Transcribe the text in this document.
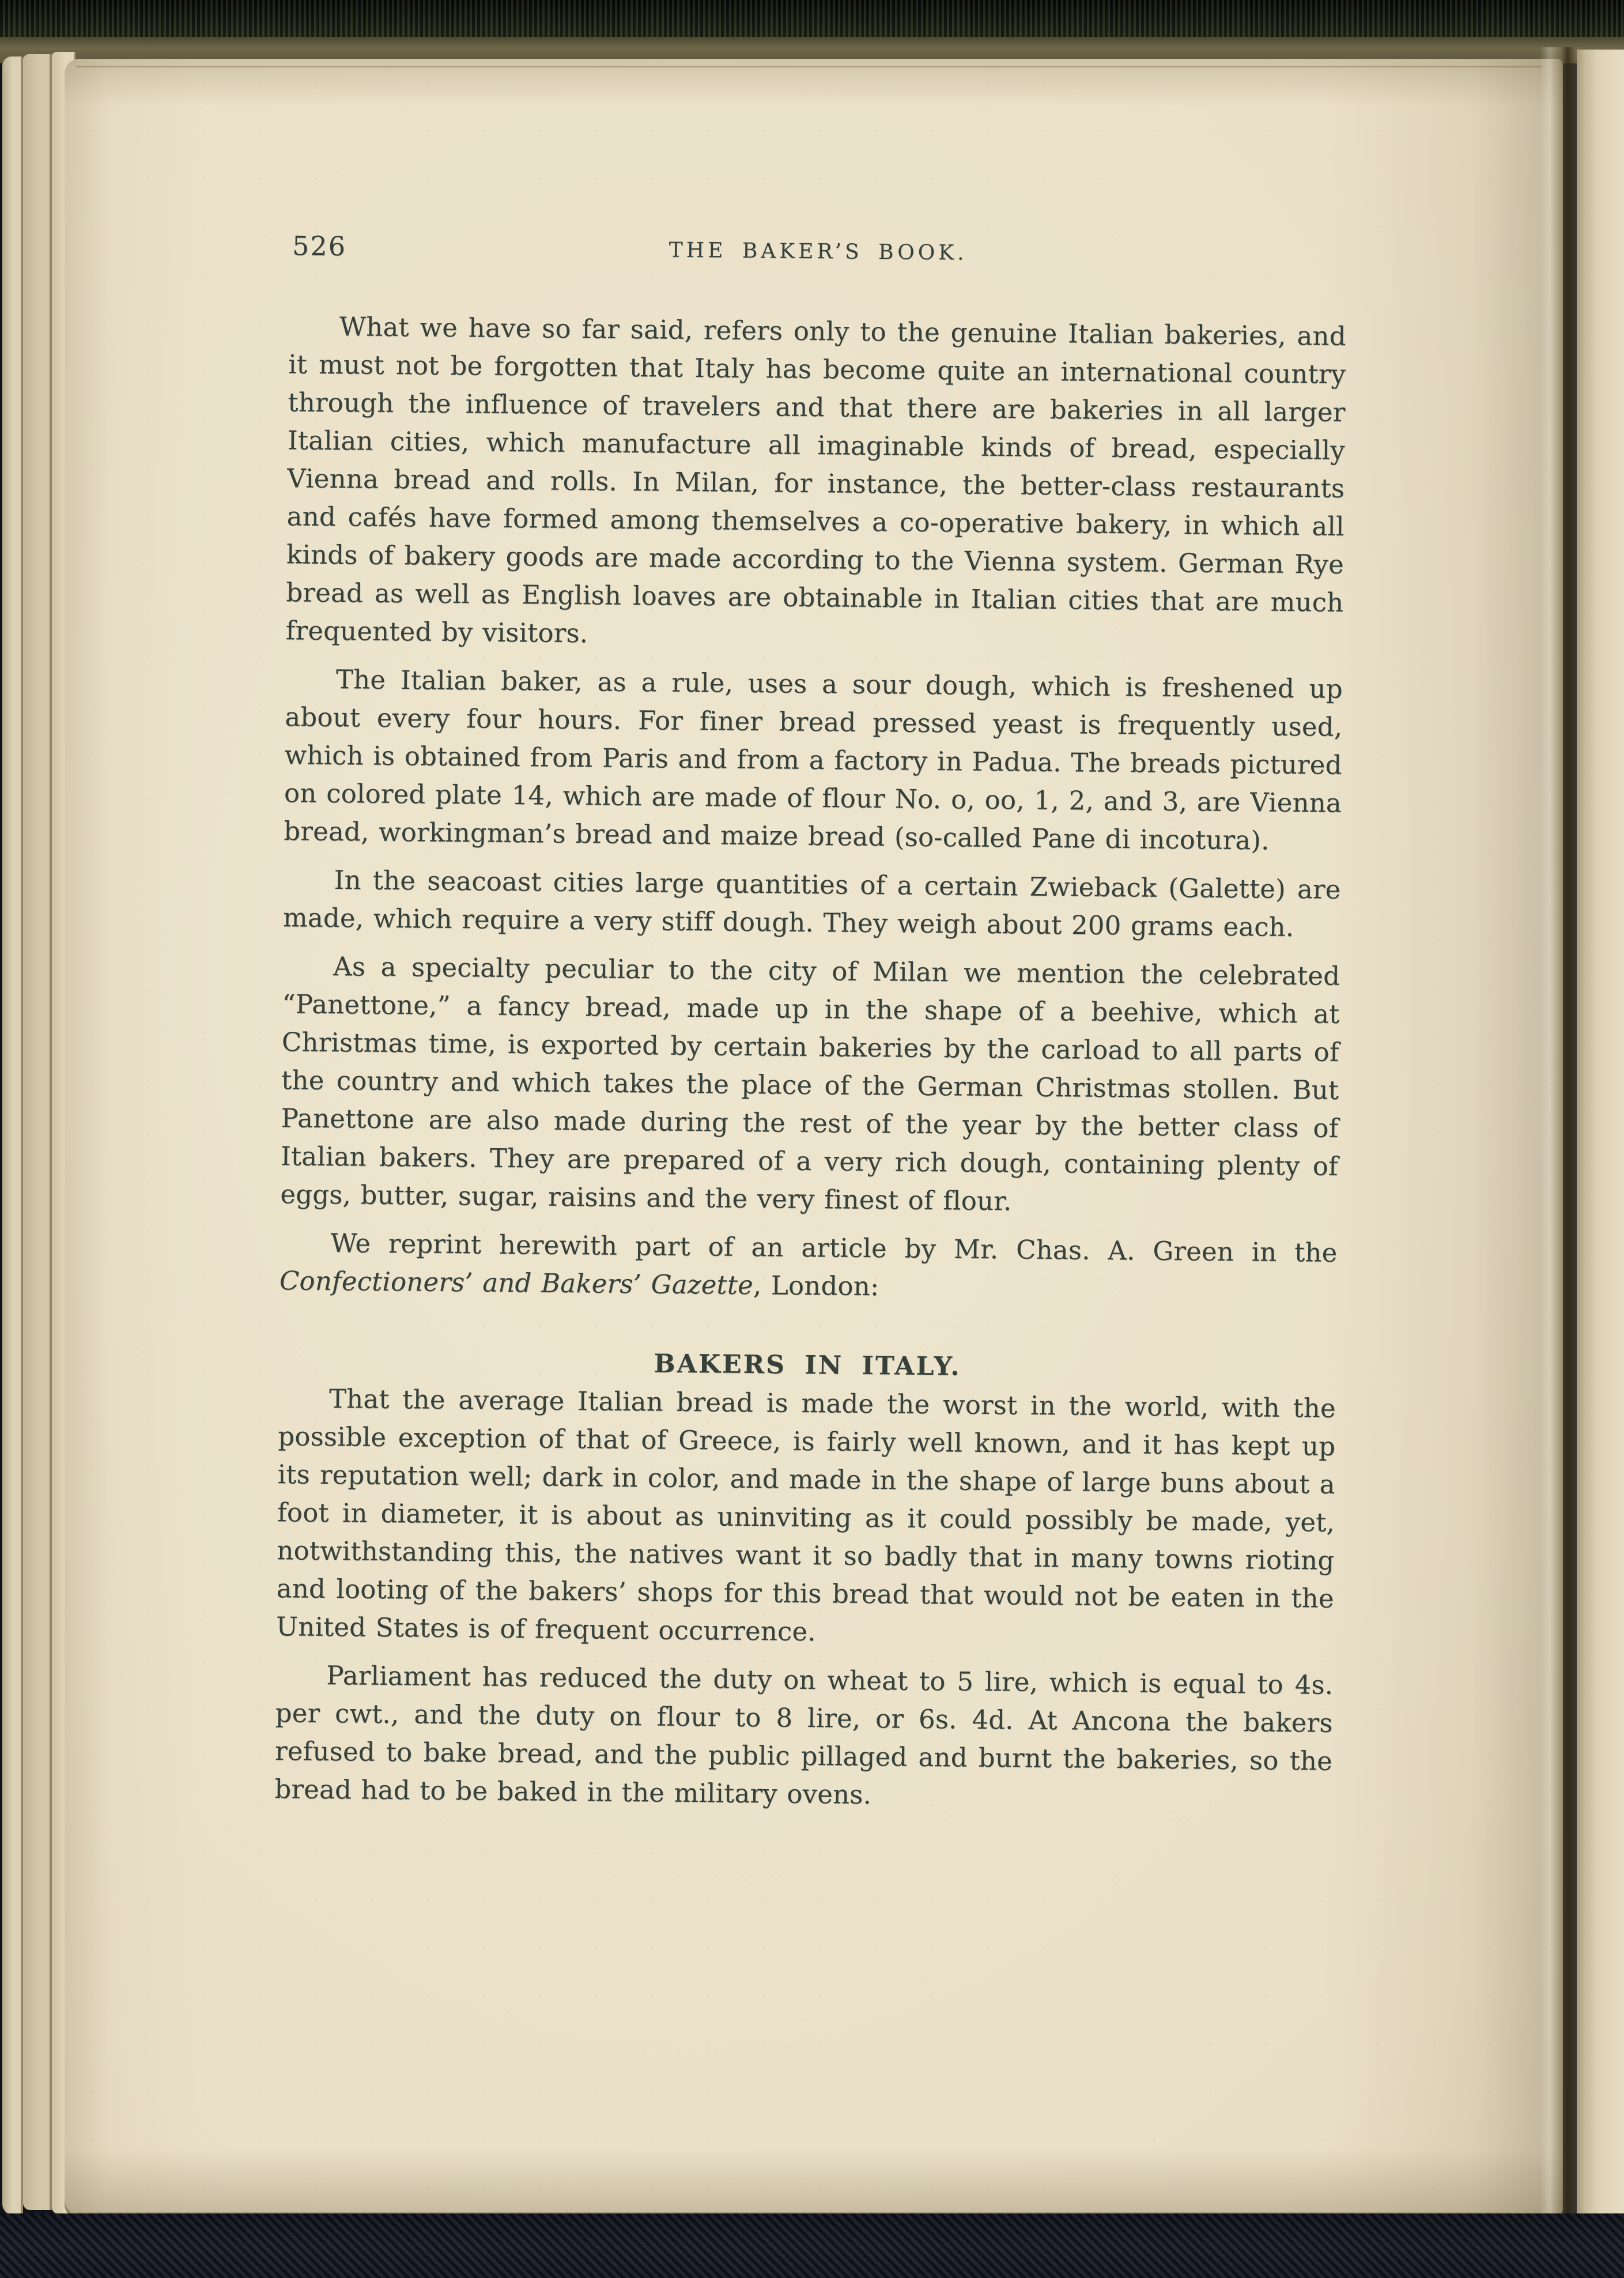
526	THE BAKER’S BOOK.

What we have so far said, refers only to the genuine Italian bakeries, and it must not be forgotten that Italy has become quite an international country through the influence of travelers and that there are bakeries in all larger Italian cities, which manufacture all imaginable kinds of bread, especially Vienna bread and rolls. In Milan, for instance, the better-class restaurants and cafés have formed among themselves a co-operative bakery, in which all kinds of bakery goods are made according to the Vienna system. German Rye bread as well as English loaves are obtainable in Italian cities that are much frequented by visitors.

The Italian baker, as a rule, uses a sour dough, which is freshened up about every four hours. For finer bread pressed yeast is frequently used, which is obtained from Paris and from a factory in Padua. The breads pictured on colored plate 14, which are made of flour No. o, oo, 1, 2, and 3, are Vienna bread, workingman’s bread and maize bread (so-called Pane di incotura).

In the seacoast cities large quantities of a certain Zwieback (Galette) are made, which require a very stiff dough. They weigh about 200 grams each.

As a specialty peculiar to the city of Milan we mention the celebrated “Panettone,” a fancy bread, made up in the shape of a beehive, which at Christmas time, is exported by certain bakeries by the carload to all parts of the country and which takes the place of the German Christmas stollen. But Panettone are also made during the rest of the year by the better class of Italian bakers. They are prepared of a very rich dough, containing plenty of eggs, butter, sugar, raisins and the very finest of flour.

We reprint herewith part of an article by Mr. Chas. A. Green in the Confectioners’ and Bakers’ Gazette, London:

BAKERS IN ITALY.

That the average Italian bread is made the worst in the world, with the possible exception of that of Greece, is fairly well known, and it has kept up its reputation well; dark in color, and made in the shape of large buns about a foot in diameter, it is about as uninviting as it could possibly be made, yet, notwithstanding this, the natives want it so badly that in many towns rioting and looting of the bakers’ shops for this bread that would not be eaten in the United States is of frequent occurrence.

Parliament has reduced the duty on wheat to 5 lire, which is equal to 4s. per cwt., and the duty on flour to 8 lire, or 6s. 4d. At Ancona the bakers refused to bake bread, and the public pillaged and burnt the bakeries, so the bread had to be baked in the military ovens.
